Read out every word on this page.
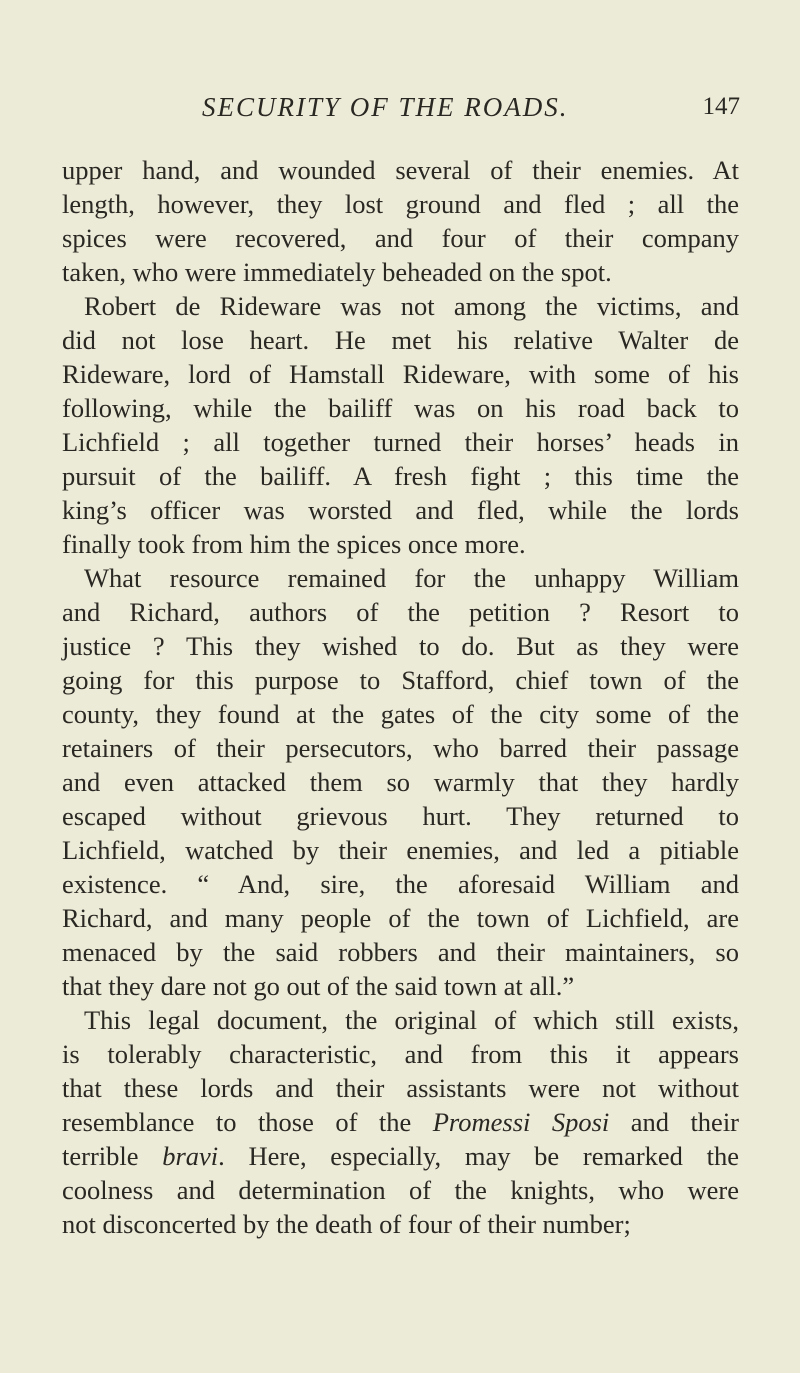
SECURITY OF THE ROADS.	147
upper hand, and wounded several of their enemies. At
length, however, they lost ground and fled ; all the
spices were recovered, and four of their company
taken, who were immediately beheaded on the spot.
Robert de Rideware was not among the victims, and
did not lose heart. He met his relative Walter de
Rideware, lord of Hamstall Rideware, with some of his
following, while the bailiff was on his road back to
Lichfield ; all together turned their horses’ heads in
pursuit of the bailiff. A fresh fight ; this time the
king’s officer was worsted and fled, while the lords
finally took from him the spices once more.
What resource remained for the unhappy William
and Richard, authors of the petition ? Resort to
justice ? This they wished to do. But as they were
going for this purpose to Stafford, chief town of the
county, they found at the gates of the city some of the
retainers of their persecutors, who barred their passage
and even attacked them so warmly that they hardly
escaped without grievous hurt. They returned to
Lichfield, watched by their enemies, and led a pitiable
existence. “ And, sire, the aforesaid William and
Richard, and many people of the town of Lichfield, are
menaced by the said robbers and their maintainers, so
that they dare not go out of the said town at all.”
This legal document, the original of which still exists,
is tolerably characteristic, and from this it appears
that these lords and their assistants were not without
resemblance to those of the Promessi Sposi and their
terrible bravi. Here, especially, may be remarked the
coolness and determination of the knights, who were
not disconcerted by the death of four of their number;
